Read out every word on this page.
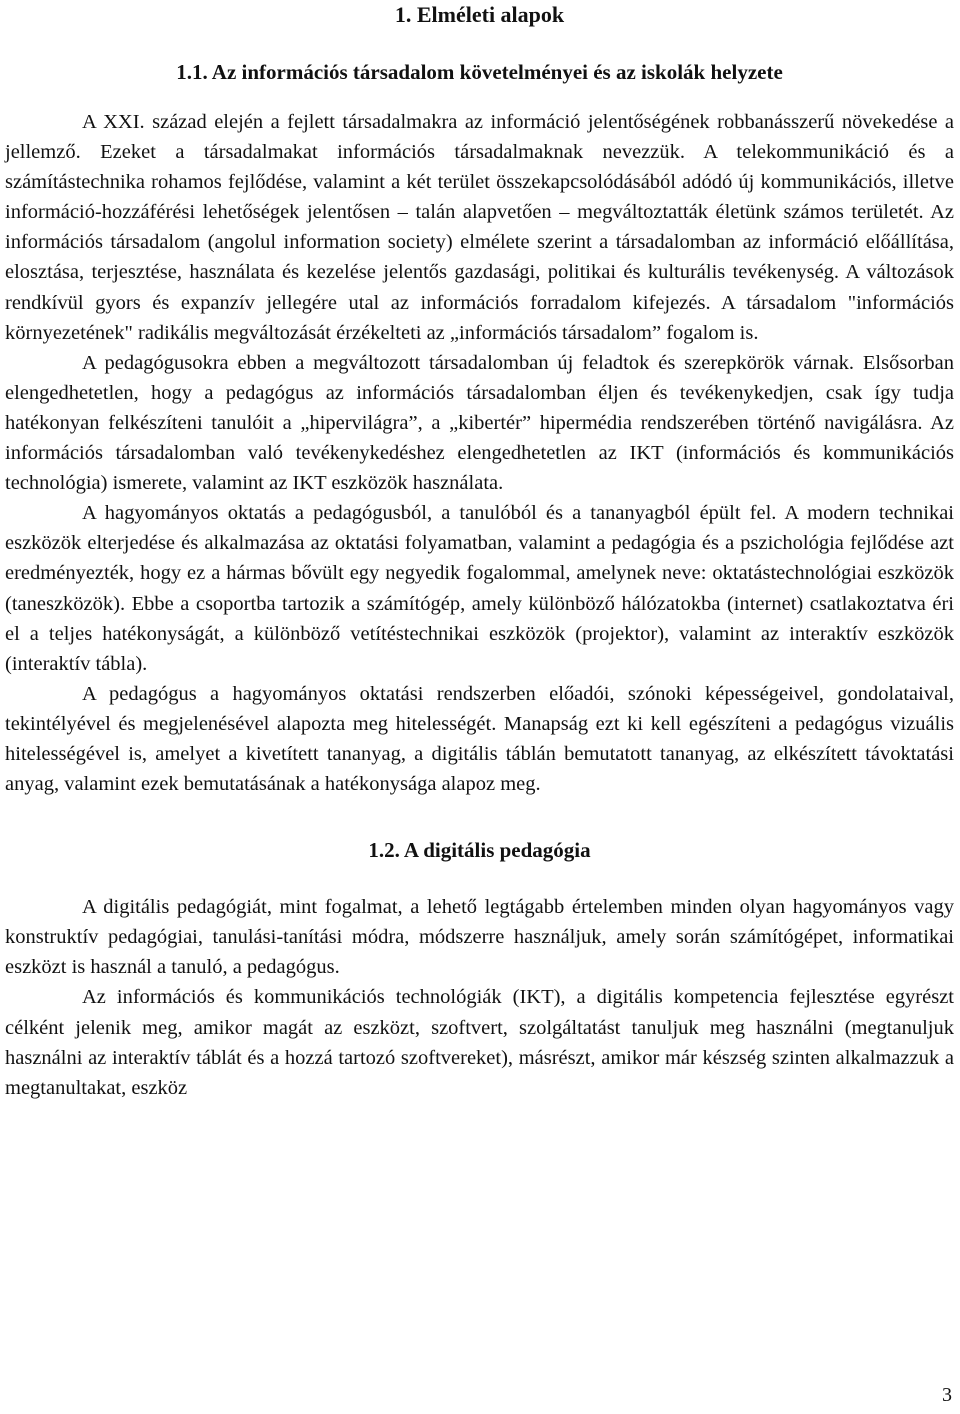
1. Elméleti alapok
1.1. Az információs társadalom követelményei és az iskolák helyzete

A XXI. század elején a fejlett társadalmakra az információ jelentőségének robbanásszerű növekedése a jellemző. Ezeket a társadalmakat információs társadalmaknak nevezzük. A telekommunikáció és a számítástechnika rohamos fejlődése, valamint a két terület összekapcsolódásából adódó új kommunikációs, illetve információ-hozzáférési lehetőségek jelentősen – talán alapvetően – megváltoztatták életünk számos területét. Az információs társadalom (angolul information society) elmélete szerint a társadalomban az információ előállítása, elosztása, terjesztése, használata és kezelése jelentős gazdasági, politikai és kulturális tevékenység. A változások rendkívül gyors és expanzív jellegére utal az információs forradalom kifejezés. A társadalom "információs környezetének" radikális megváltozását érzékelteti az „információs társadalom” fogalom is.

A pedagógusokra ebben a megváltozott társadalomban új feladtok és szerepkörök várnak. Elsősorban elengedhetetlen, hogy a pedagógus az információs társadalomban éljen és tevékenykedjen, csak így tudja hatékonyan felkészíteni tanulóit a „hipervilágra”, a „kibertér” hipermédia rendszerében történő navigálásra. Az információs társadalomban való tevékenykedéshez elengedhetetlen az IKT (információs és kommunikációs technológia) ismerete, valamint az IKT eszközök használata.

A hagyományos oktatás a pedagógusból, a tanulóból és a tananyagból épült fel. A modern technikai eszközök elterjedése és alkalmazása az oktatási folyamatban, valamint a pedagógia és a pszichológia fejlődése azt eredményezték, hogy ez a hármas bővült egy negyedik fogalommal, amelynek neve: oktatástechnológiai eszközök (taneszközök). Ebbe a csoportba tartozik a számítógép, amely különböző hálózatokba (internet) csatlakoztatva éri el a teljes hatékonyságát, a különböző vetítéstechnikai eszközök (projektor), valamint az interaktív eszközök (interaktív tábla).

A pedagógus a hagyományos oktatási rendszerben előadói, szónoki képességeivel, gondolataival, tekintélyével és megjelenésével alapozta meg hitelességét. Manapság ezt ki kell egészíteni a pedagógus vizuális hitelességével is, amelyet a kivetített tananyag, a digitális táblán bemutatott tananyag, az elkészített távoktatási anyag, valamint ezek bemutatásának a hatékonysága alapoz meg.

1.2. A digitális pedagógia

A digitális pedagógiát, mint fogalmat, a lehető legtágabb értelemben minden olyan hagyományos vagy konstruktív pedagógiai, tanulási-tanítási módra, módszerre használjuk, amely során számítógépet, informatikai eszközt is használ a tanuló, a pedagógus.

Az információs és kommunikációs technológiák (IKT), a digitális kompetencia fejlesztése egyrészt célként jelenik meg, amikor magát az eszközt, szoftvert, szolgáltatást tanuljuk meg használni (megtanuljuk használni az interaktív táblát és a hozzá tartozó szoftvereket), másrészt, amikor már készség szinten alkalmazzuk a megtanultakat, eszköz

3
